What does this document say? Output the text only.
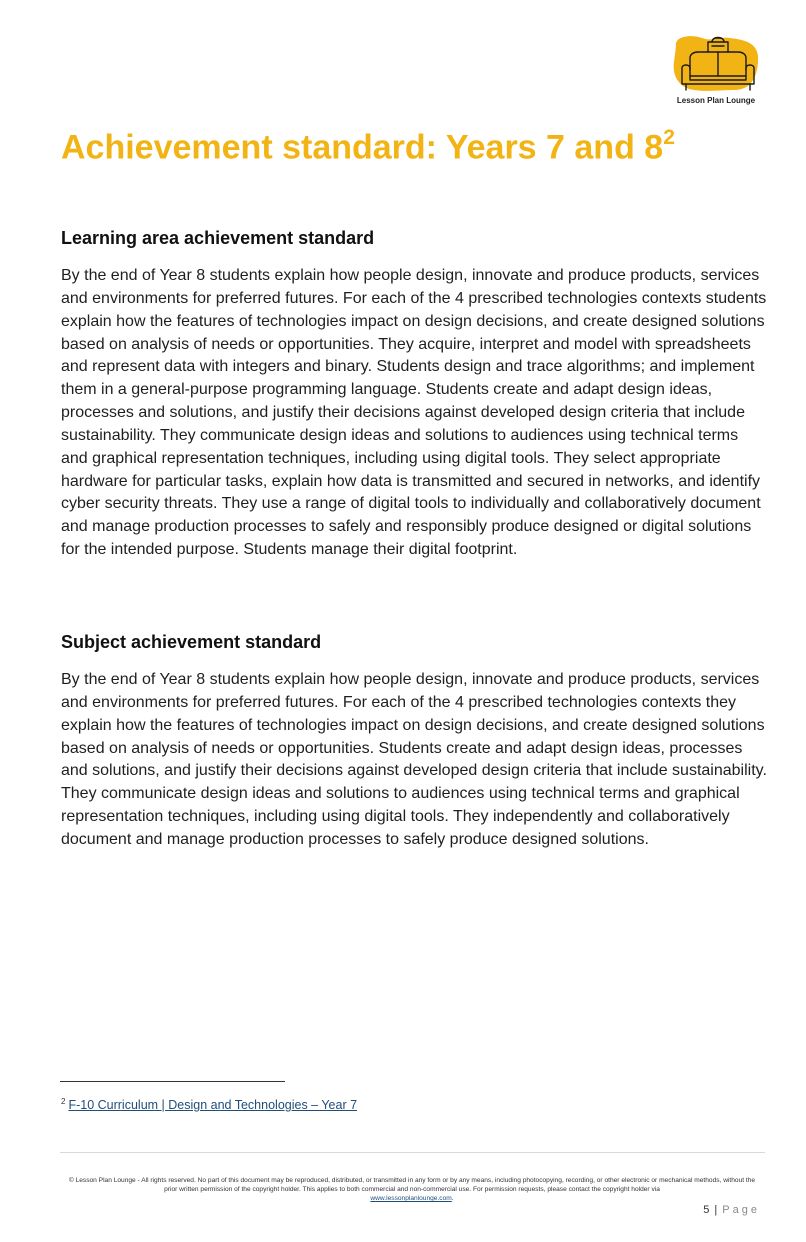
Lesson Plan Lounge
Achievement standard: Years 7 and $8^2$
Learning area achievement standard

By the end of Year 8 students explain how people design, innovate and produce products, services and environments for preferred futures. For each of the 4 prescribed technologies contexts students explain how the features of technologies impact on design decisions, and create designed solutions based on analysis of needs or opportunities. They acquire, interpret and model with spreadsheets and represent data with integers and binary. Students design and trace algorithms; and implement them in a general-purpose programming language. Students create and adapt design ideas, processes and solutions, and justify their decisions against developed design criteria that include sustainability. They communicate design ideas and solutions to audiences using technical terms and graphical representation techniques, including using digital tools. They select appropriate hardware for particular tasks, explain how data is transmitted and secured in networks, and identify cyber security threats. They use a range of digital tools to individually and collaboratively document and manage production processes to safely and responsibly produce designed or digital solutions for the intended purpose. Students manage their digital footprint.

Subject achievement standard

By the end of Year 8 students explain how people design, innovate and produce products, services and environments for preferred futures. For each of the 4 prescribed technologies contexts they explain how the features of technologies impact on design decisions, and create designed solutions based on analysis of needs or opportunities. Students create and adapt design ideas, processes and solutions, and justify their decisions against developed design criteria that include sustainability. They communicate design ideas and solutions to audiences using technical terms and graphical representation techniques, including using digital tools. They independently and collaboratively document and manage production processes to safely produce designed solutions.

$^2$ F-10 Curriculum | Design and Technologies – Year 7
© Lesson Plan Lounge - All rights reserved. No part of this document may be reproduced, distributed, or transmitted in any form or by any means, including photocopying, recording, or other electronic or mechanical methods, without the prior written permission of the copyright holder. This applies to both commercial and non-commercial use. For permission requests, please contact the copyright holder via
www.lessonplanlounge.com.
5 | Page
